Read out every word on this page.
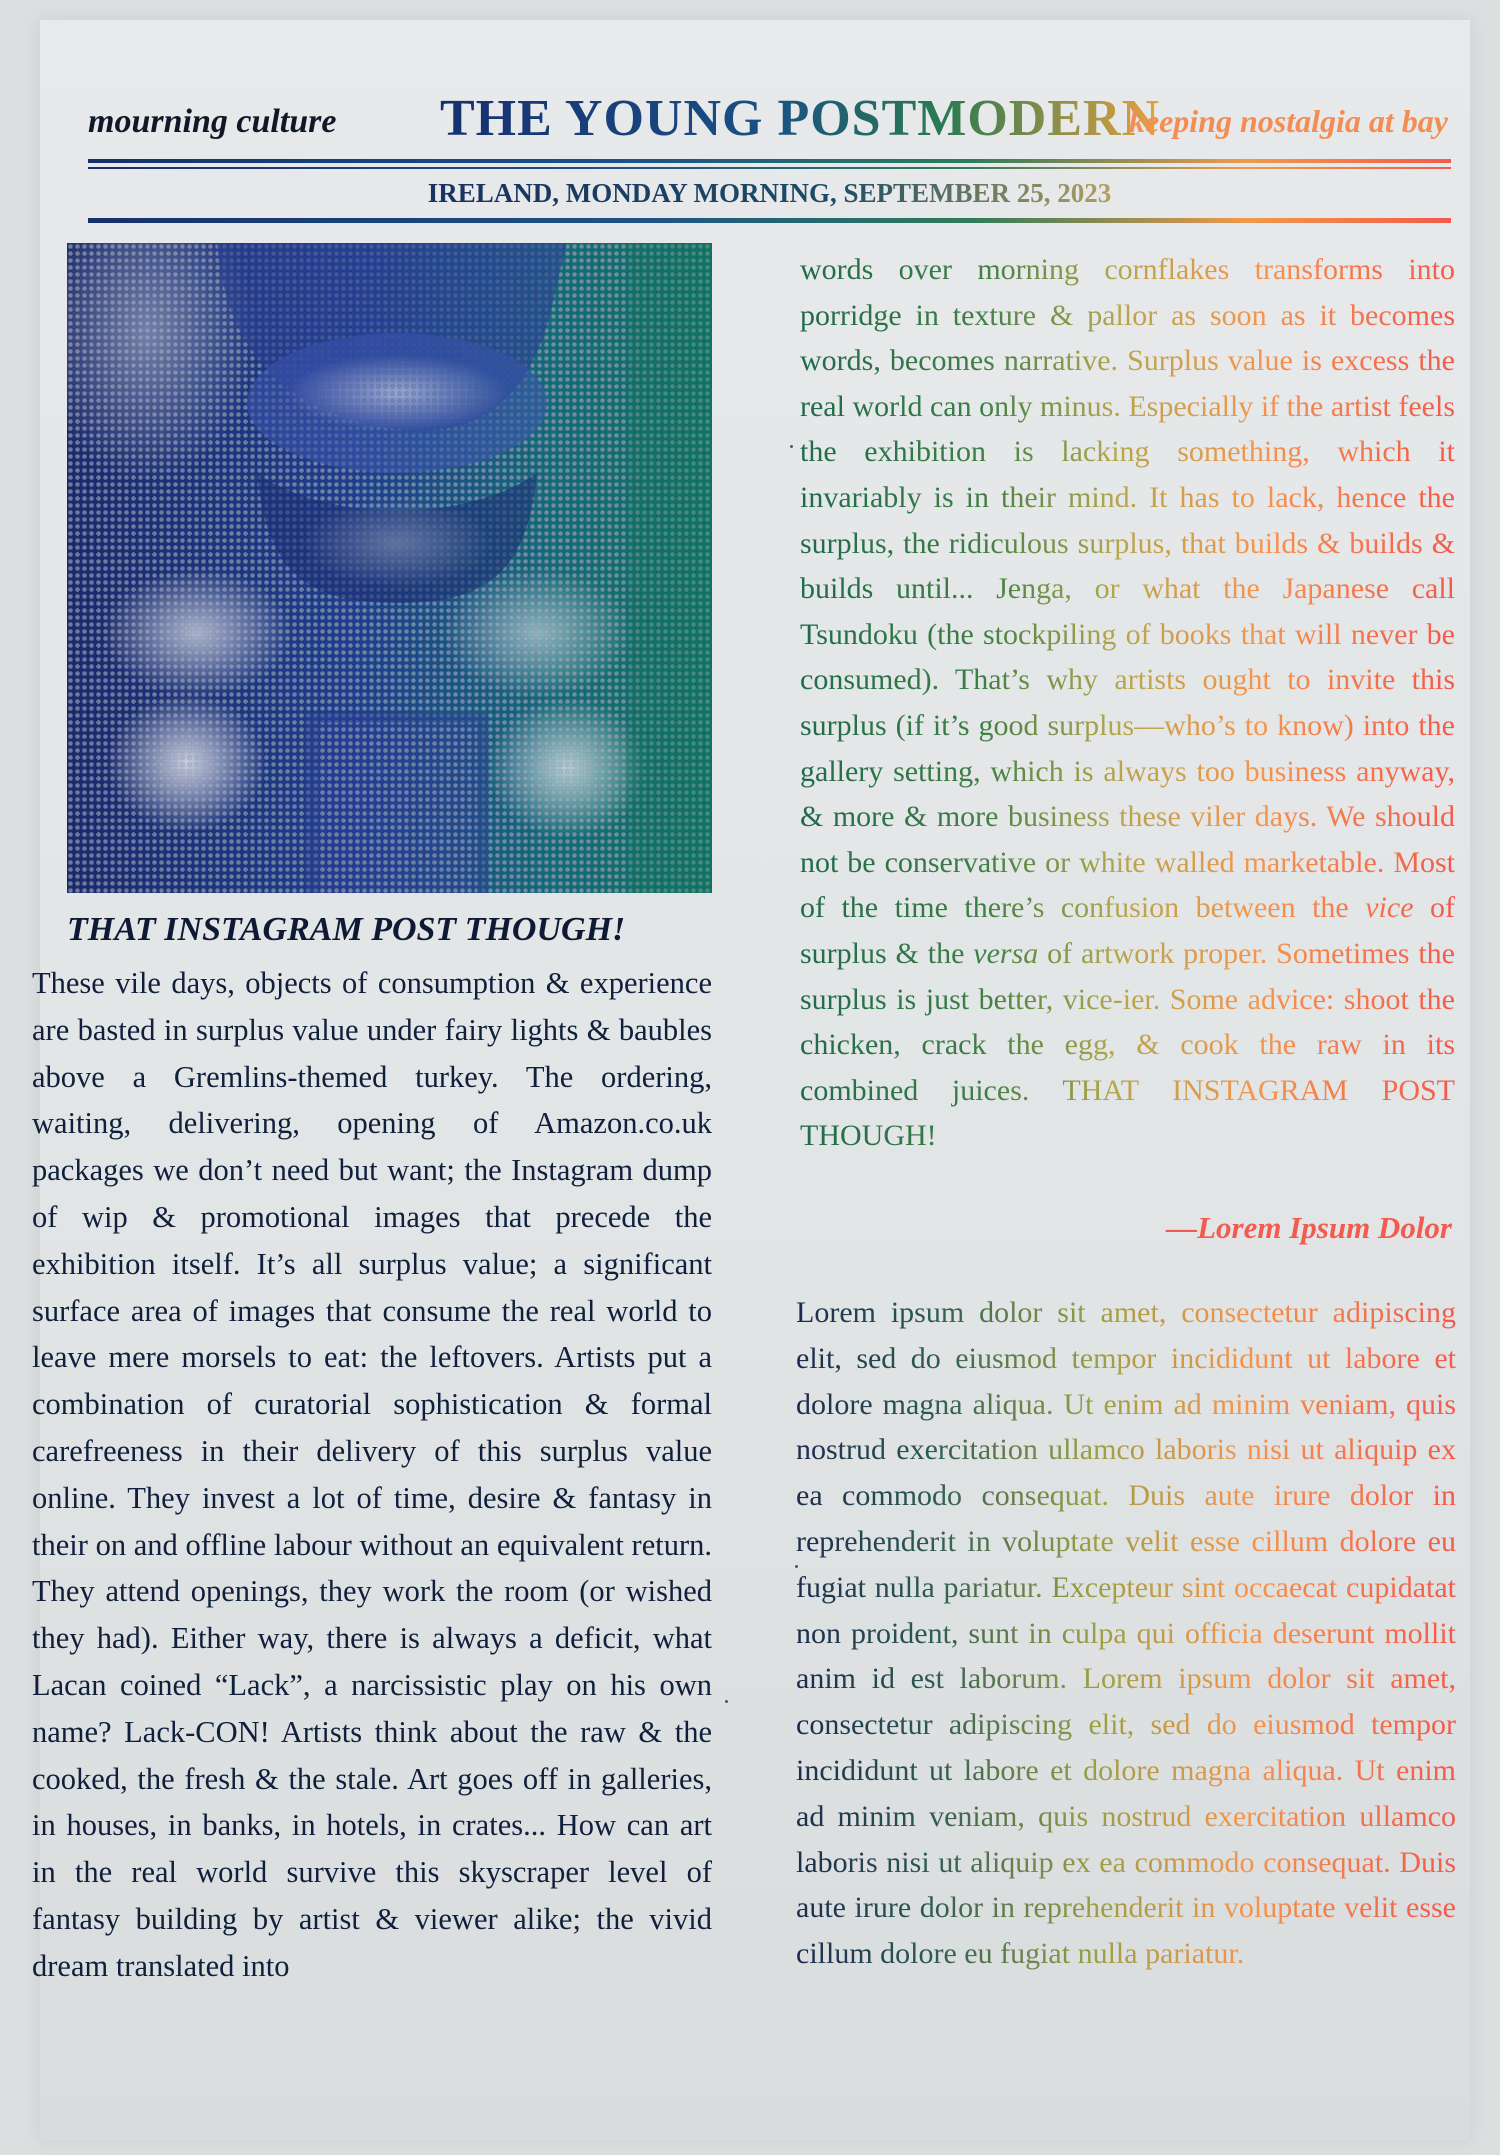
mourning culture THE YOUNG POSTMODERN
keeping nostalgia at bay
IRELAND, MONDAY MORNING, SEPTEMBER 25, 2023
THAT INSTAGRAM POST THOUGH!

These vile days, objects of consumption & experience are basted in surplus value under fairy lights & baubles above a Gremlins-themed turkey. The ordering, waiting, delivering, opening of Amazon.co.uk packages we don’t need but want; the Instagram dump of wip & promotional images that precede the exhibition itself. It’s all surplus value; a significant surface area of images that consume the real world to leave mere morsels to eat: the leftovers. Artists put a combination of curatorial sophistication & formal carefreeness in their delivery of this surplus value online. They invest a lot of time, desire & fantasy in their on and offline labour without an equivalent return. They attend openings, they work the room (or wished they had). Either way, there is always a deficit, what Lacan coined “Lack”, a narcissistic play on his own name? Lack-CON! Artists think about the raw & the cooked, the fresh & the stale. Art goes off in galleries, in houses, in banks, in hotels, in crates... How can art in the real world survive this skyscraper level of fantasy building by artist & viewer alike; the vivid dream translated into

words over morning cornflakes transforms into porridge in texture & pallor as soon as it becomes words, becomes narrative. Surplus value is excess the real world can only minus. Especially if the artist feels the exhibition is lacking something, which it invariably is in their mind. It has to lack, hence the surplus, the ridiculous surplus, that builds & builds & builds until... Jenga, or what the Japanese call Tsundoku (the stockpiling of books that will never be consumed). That’s why artists ought to invite this surplus (if it’s good surplus—who’s to know) into the gallery setting, which is always too business anyway, & more & more business these viler days. We should not be conservative or white walled marketable. Most of the time there’s confusion between the vice of surplus & the versa of artwork proper. Sometimes the surplus is just better, vice-ier. Some advice: shoot the chicken, crack the egg, & cook the raw in its combined juices. THAT INSTAGRAM POST THOUGH!

—Lorem Ipsum Dolor

Lorem ipsum dolor sit amet, consectetur adipiscing elit, sed do eiusmod tempor incididunt ut labore et dolore magna aliqua. Ut enim ad minim veniam, quis nostrud exercitation ullamco laboris nisi ut aliquip ex ea commodo consequat. Duis aute irure dolor in reprehenderit in voluptate velit esse cillum dolore eu fugiat nulla pariatur. Excepteur sint occaecat cupidatat non proident, sunt in culpa qui officia deserunt mollit anim id est laborum. Lorem ipsum dolor sit amet, consectetur adipiscing elit, sed do eiusmod tempor incididunt ut labore et dolore magna aliqua. Ut enim ad minim veniam, quis nostrud exercitation ullamco laboris nisi ut aliquip ex ea commodo consequat. Duis aute irure dolor in reprehenderit in voluptate velit esse cillum dolore eu fugiat nulla pariatur.
